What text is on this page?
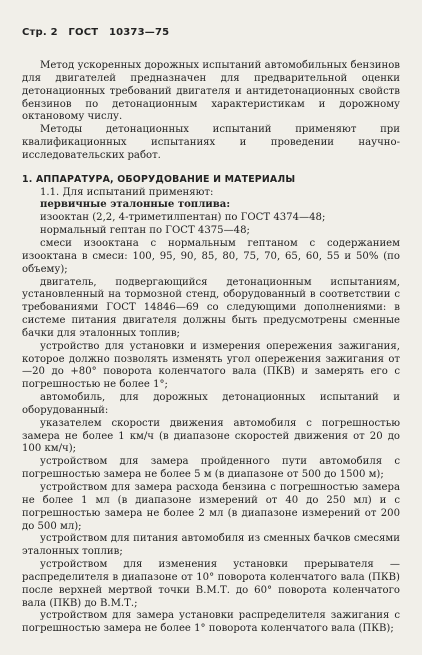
Стр. 2 ГОСТ 10373—75

Метод ускоренных дорожных испытаний автомобильных бензинов для двигателей предназначен для предварительной оценки детонационных требований двигателя и антидетонационных свойств бензинов по детонационным характеристикам и дорожному октановому числу.

Методы детонационных испытаний применяют при квалификационных испытаниях и проведении научно-исследовательских работ.

1. АППАРАТУРА, ОБОРУДОВАНИЕ И МАТЕРИАЛЫ

1.1. Для испытаний применяют:

первичные эталонные топлива:

изооктан (2,2, 4-триметилпентан) по ГОСТ 4374—48;

нормальный гептан по ГОСТ 4375—48;

смеси изооктана с нормальным гептаном с содержанием изооктана в смеси: 100, 95, 90, 85, 80, 75, 70, 65, 60, 55 и 50% (по объему);

двигатель, подвергающийся детонационным испытаниям, установленный на тормозной стенд, оборудованный в соответствии с требованиями ГОСТ 14846—69 со следующими дополнениями: в системе питания двигателя должны быть предусмотрены сменные бачки для эталонных топлив;

устройство для установки и измерения опережения зажигания, которое должно позволять изменять угол опережения зажигания от —20 до +80° поворота коленчатого вала (ПКВ) и замерять его с погрешностью не более 1°;

автомобиль, для дорожных детонационных испытаний и оборудованный:

указателем скорости движения автомобиля с погрешностью замера не более 1 км/ч (в диапазоне скоростей движения от 20 до 100 км/ч);

устройством для замера пройденного пути автомобиля с погрешностью замера не более 5 м (в диапазоне от 500 до 1500 м);

устройством для замера расхода бензина с погрешностью замера не более 1 мл (в диапазоне измерений от 40 до 250 мл) и с погрешностью замера не более 2 мл (в диапазоне измерений от 200 до 500 мл);

устройством для питания автомобиля из сменных бачков смесями эталонных топлив;

устройством для изменения установки прерывателя — распределителя в диапазоне от 10° поворота коленчатого вала (ПКВ) после верхней мертвой точки В.М.Т. до 60° поворота коленчатого вала (ПКВ) до В.М.Т.;

устройством для замера установки распределителя зажигания с погрешностью замера не более 1° поворота коленчатого вала (ПКВ);
